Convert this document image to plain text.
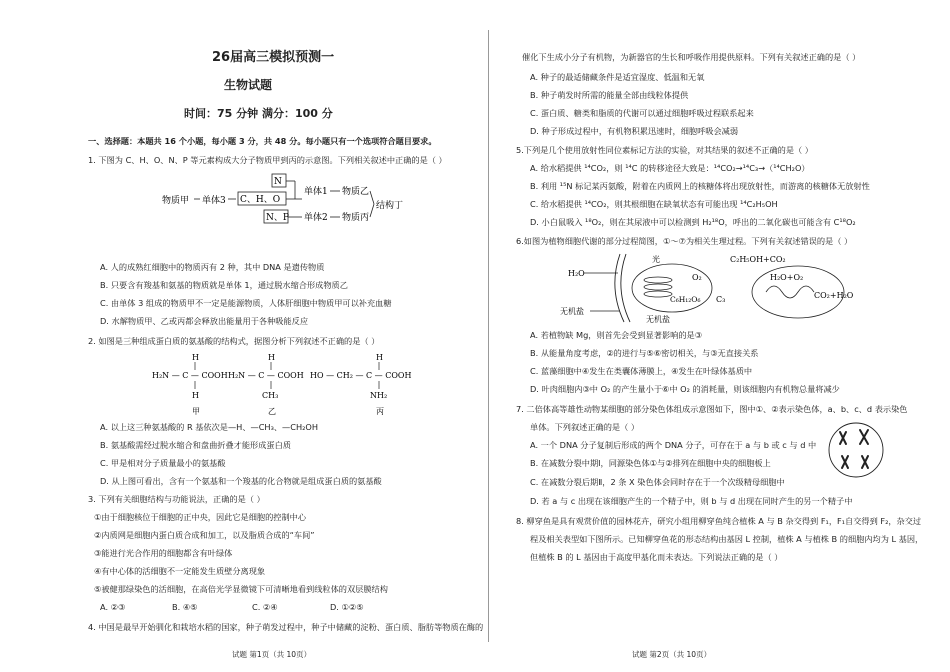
26届高三模拟预测一
生物试题
时间：75 分钟 满分：100 分
一、选择题：本题共 16 个小题，每小题 3 分，共 48 分。每小题只有一个选项符合题目要求。
1. 下图为 C、H、O、N、P 等元素构成大分子物质甲到丙的示意图。下列相关叙述中正确的是（ ）
N
C、H、O
N、P
物质甲 单体3
单体1
单体2
物质乙
物质丙
结构丁
A. 人的成熟红细胞中的物质丙有 2 种，其中 DNA 是遗传物质
B. 只要含有羧基和氨基的物质就是单体 1，通过脱水缩合形成物质乙
C. 由单体 3 组成的物质甲不一定是能源物质，人体肝细胞中物质甲可以补充血糖
D. 水解物质甲、乙或丙都会释放出能量用于各种吸能反应
2. 如图是三种组成蛋白质的氨基酸的结构式，据图分析下列叙述不正确的是（ ）
H
H₂N — C — COOH
H
H
H₂N — C — COOH
CH₃
H
HO — CH₂ — C — COOH
NH₂
甲	乙	丙
A. 以上这三种氨基酸的 R 基依次是—H、—CH₃、—CH₂OH
B. 氨基酸需经过脱水缩合和盘曲折叠才能形成蛋白质
C. 甲是相对分子质量最小的氨基酸
D. 从上图可看出，含有一个氨基和一个羧基的化合物就是组成蛋白质的氨基酸
3. 下列有关细胞结构与功能说法，正确的是（ ）
①由于细胞核位于细胞的正中央，因此它是细胞的控制中心
②内质网是细胞内蛋白质合成和加工，以及脂质合成的“车间”
③能进行光合作用的细胞都含有叶绿体
④有中心体的活细胞不一定能发生质壁分离现象
⑤被健那绿染色的活细胞，在高倍光学显微镜下可清晰地看到线粒体的双层膜结构
A. ②③	B. ④⑤	C. ②④	D. ①②⑤
4. 中国是最早开始驯化和栽培水稻的国家，种子萌发过程中，种子中储藏的淀粉、蛋白质、脂肪等物质在酶的
试题 第1页（共 10页）
催化下生成小分子有机物，为新器官的生长和呼吸作用提供原料。下列有关叙述正确的是（ ）
A. 种子的最适储藏条件是适宜湿度、低温和无氧
B. 种子萌发时所需的能量全部由线粒体提供
C. 蛋白质、糖类和脂质的代谢可以通过细胞呼吸过程联系起来
D. 种子形成过程中，有机物积累迅速时，细胞呼吸会减弱
5.下列是几个使用放射性同位素标记方法的实验，对其结果的叙述不正确的是（ ）
A. 给水稻提供 ¹⁴CO₂，则 ¹⁴C 的转移途径大致是：¹⁴CO₂→¹⁴C₃→（¹⁴CH₂O）
B. 利用 ¹⁵N 标记某丙氨酸，附着在内质网上的核糖体将出现放射性，而游离的核糖体无放射性
C. 给水稻提供 ¹⁴CO₂，则其根细胞在缺氧状态有可能出现 ¹⁴C₂H₅OH
D. 小白鼠吸入 ¹⁸O₂，则在其尿液中可以检测到 H₂¹⁸O，呼出的二氧化碳也可能含有 C¹⁸O₂
6.如图为植物细胞代谢的部分过程简图，①～⑦为相关生理过程。下列有关叙述错误的是（ ）
H₂O
光
O₂
C₆H₁₂O₆ C₃
C₂H₅OH+CO₂
H₂O+O₂
CO₂+H₂O
无机盐
无机盐
A. 若植物缺 Mg，则首先会受到显著影响的是③
B. 从能量角度考虑，②的进行与⑤⑥密切相关，与③无直接关系
C. 蓝藻细胞中④发生在类囊体薄膜上，④发生在叶绿体基质中
D. 叶肉细胞内③中 O₂ 的产生量小于⑥中 O₂ 的消耗量，则该细胞内有机物总量将减少
7. 二倍体高等雄性动物某细胞的部分染色体组成示意图如下，图中①、②表示染色体，a、b、c、d 表示染色
单体。下列叙述正确的是（ ）
A. 一个 DNA 分子复制后形成的两个 DNA 分子，可存在于 a 与 b 或 c 与 d 中
B. 在减数分裂中期Ⅰ，同源染色体①与②排列在细胞中央的细胞板上
C. 在减数分裂后期Ⅱ，2 条 X 染色体会同时存在于一个次级精母细胞中
D. 若 a 与 c 出现在该细胞产生的一个精子中，则 b 与 d 出现在同时产生的另一个精子中
8. 柳穿鱼是具有观赏价值的园林花卉，研究小组用柳穿鱼纯合植株 A 与 B 杂交得到 F₁，F₁自交得到 F₂，杂交过
程及相关表型如下图所示。已知柳穿鱼花的形态结构由基因 L 控制，植株 A 与植株 B 的细胞内均为 L 基因，
但植株 B 的 L 基因由于高度甲基化而未表达。下列说法正确的是（ ）
试题 第2页（共 10页）
